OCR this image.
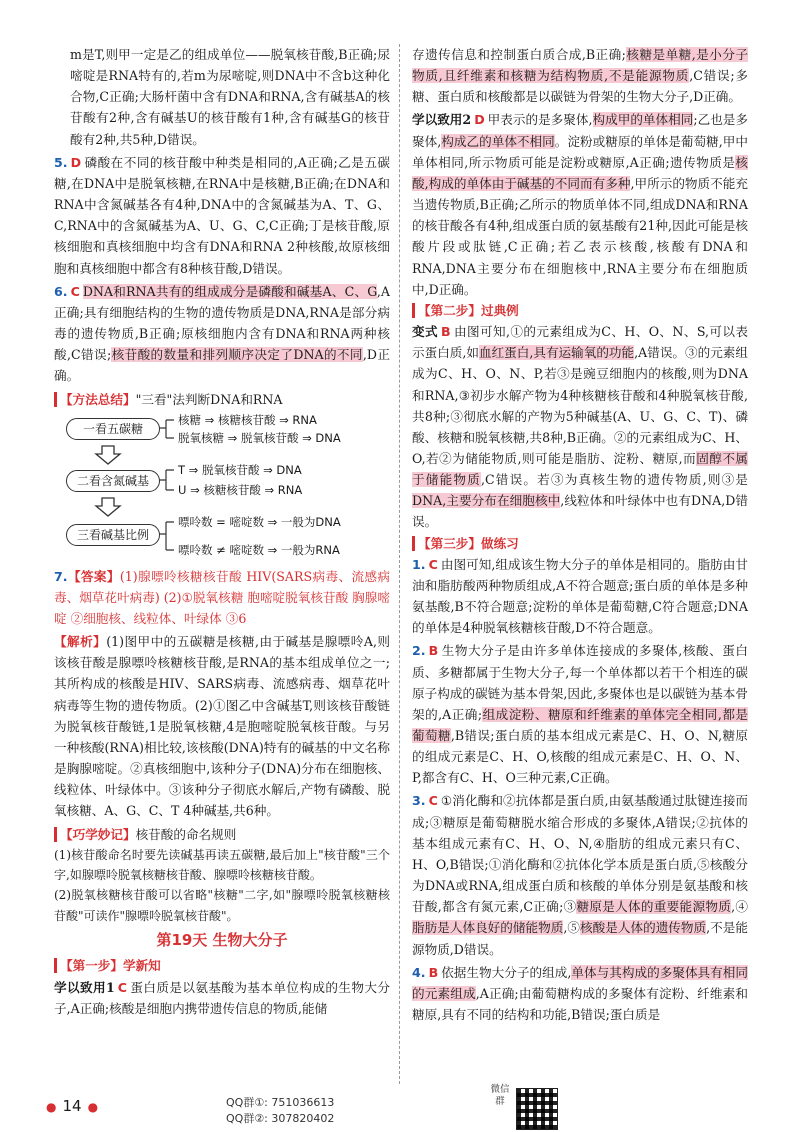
m是T,则甲一定是乙的组成单位——脱氧核苷酸,B正确;尿嘧啶是RNA特有的,若m为尿嘧啶,则DNA中不含b这种化合物,C正确;大肠杆菌中含有DNA和RNA,含有碱基A的核苷酸有2种,含有碱基U的核苷酸有1种,含有碱基G的核苷酸有2种,共5种,D错误。

5. D 磷酸在不同的核苷酸中种类是相同的,A正确;乙是五碳糖,在DNA中是脱氧核糖,在RNA中是核糖,B正确;在DNA和RNA中含氮碱基各有4种,DNA中的含氮碱基为A、T、G、C,RNA中的含氮碱基为A、U、G、C,C正确;丁是核苷酸,原核细胞和真核细胞中均含有DNA和RNA 2种核酸,故原核细胞和真核细胞中都含有8种核苷酸,D错误。

6. C DNA和RNA共有的组成成分是磷酸和碱基A、C、G,A正确;具有细胞结构的生物的遗传物质是DNA,RNA是部分病毒的遗传物质,B正确;原核细胞内含有DNA和RNA两种核酸,C错误;核苷酸的数量和排列顺序决定了DNA的不同,D正确。

【方法总结】"三看"法判断DNA和RNA

一看五碳糖
二看含氮碱基
三看碱基比例
核糖 ⇒ 核糖核苷酸 ⇒ RNA
脱氧核糖 ⇒ 脱氧核苷酸 ⇒ DNA
T ⇒ 脱氧核苷酸 ⇒ DNA
U ⇒ 核糖核苷酸 ⇒ RNA
嘌呤数 = 嘧啶数 ⇒ 一般为DNA
嘌呤数 ≠ 嘧啶数 ⇒ 一般为RNA

7.【答案】(1)腺嘌呤核糖核苷酸 HIV(SARS病毒、流感病毒、烟草花叶病毒) (2)①脱氧核糖 胞嘧啶脱氧核苷酸 胸腺嘧啶 ②细胞核、线粒体、叶绿体 ③6

【解析】(1)图甲中的五碳糖是核糖,由于碱基是腺嘌呤A,则该核苷酸是腺嘌呤核糖核苷酸,是RNA的基本组成单位之一;其所构成的核酸是HIV、SARS病毒、流感病毒、烟草花叶病毒等生物的遗传物质。(2)①图乙中含碱基T,则该核苷酸链为脱氧核苷酸链,1是脱氧核糖,4是胞嘧啶脱氧核苷酸。与另一种核酸(RNA)相比较,该核酸(DNA)特有的碱基的中文名称是胸腺嘧啶。②真核细胞中,该种分子(DNA)分布在细胞核、线粒体、叶绿体中。③该种分子彻底水解后,产物有磷酸、脱氧核糖、A、G、C、T 4种碱基,共6种。

【巧学妙记】核苷酸的命名规则

(1)核苷酸命名时要先读碱基再读五碳糖,最后加上"核苷酸"三个字,如腺嘌呤脱氧核糖核苷酸、腺嘌呤核糖核苷酸。

(2)脱氧核糖核苷酸可以省略"核糖"二字,如"腺嘌呤脱氧核糖核苷酸"可读作"腺嘌呤脱氧核苷酸"。

第19天 生物大分子

【第一步】学新知

学以致用1 C 蛋白质是以氨基酸为基本单位构成的生物大分子,A正确;核酸是细胞内携带遗传信息的物质,能储

存遗传信息和控制蛋白质合成,B正确;核糖是单糖,是小分子物质,且纤维素和核糖为结构物质,不是能源物质,C错误;多糖、蛋白质和核酸都是以碳链为骨架的生物大分子,D正确。

学以致用2 D 甲表示的是多聚体,构成甲的单体相同;乙也是多聚体,构成乙的单体不相同。淀粉或糖原的单体是葡萄糖,甲中单体相同,所示物质可能是淀粉或糖原,A正确;遗传物质是核酸,构成的单体由于碱基的不同而有多种,甲所示的物质不能充当遗传物质,B正确;乙所示的物质单体不同,组成DNA和RNA的核苷酸各有4种,组成蛋白质的氨基酸有21种,因此可能是核酸片段或肽链,C正确;若乙表示核酸,核酸有DNA和RNA,DNA主要分布在细胞核中,RNA主要分布在细胞质中,D正确。

【第二步】过典例

变式 B 由图可知,①的元素组成为C、H、O、N、S,可以表示蛋白质,如血红蛋白,具有运输氧的功能,A错误。③的元素组成为C、H、O、N、P,若③是豌豆细胞内的核酸,则为DNA和RNA,③初步水解产物为4种核糖核苷酸和4种脱氧核苷酸,共8种;③彻底水解的产物为5种碱基(A、U、G、C、T)、磷酸、核糖和脱氧核糖,共8种,B正确。②的元素组成为C、H、O,若②为储能物质,则可能是脂肪、淀粉、糖原,而固醇不属于储能物质,C错误。若③为真核生物的遗传物质,则③是DNA,主要分布在细胞核中,线粒体和叶绿体中也有DNA,D错误。

【第三步】做练习

1. C 由图可知,组成该生物大分子的单体是相同的。脂肪由甘油和脂肪酸两种物质组成,A不符合题意;蛋白质的单体是多种氨基酸,B不符合题意;淀粉的单体是葡萄糖,C符合题意;DNA的单体是4种脱氧核糖核苷酸,D不符合题意。

2. B 生物大分子是由许多单体连接成的多聚体,核酸、蛋白质、多糖都属于生物大分子,每一个单体都以若干个相连的碳原子构成的碳链为基本骨架,因此,多聚体也是以碳链为基本骨架的,A正确;组成淀粉、糖原和纤维素的单体完全相同,都是葡萄糖,B错误;蛋白质的基本组成元素是C、H、O、N,糖原的组成元素是C、H、O,核酸的组成元素是C、H、O、N、P,都含有C、H、O三种元素,C正确。

3. C ①消化酶和②抗体都是蛋白质,由氨基酸通过肽键连接而成;③糖原是葡萄糖脱水缩合形成的多聚体,A错误;②抗体的基本组成元素有C、H、O、N,④脂肪的组成元素只有C、H、O,B错误;①消化酶和②抗体化学本质是蛋白质,⑤核酸分为DNA或RNA,组成蛋白质和核酸的单体分别是氨基酸和核苷酸,都含有氮元素,C正确;③糖原是人体的重要能源物质,④脂肪是人体良好的储能物质,⑤核酸是人体的遗传物质,不是能源物质,D错误。

4. B 依据生物大分子的组成,单体与其构成的多聚体具有相同的元素组成,A正确;由葡萄糖构成的多聚体有淀粉、纤维素和糖原,具有不同的结构和功能,B错误;蛋白质是

● 14 ●	QQ群①: 751036613
QQ群②: 307820402
微信群
